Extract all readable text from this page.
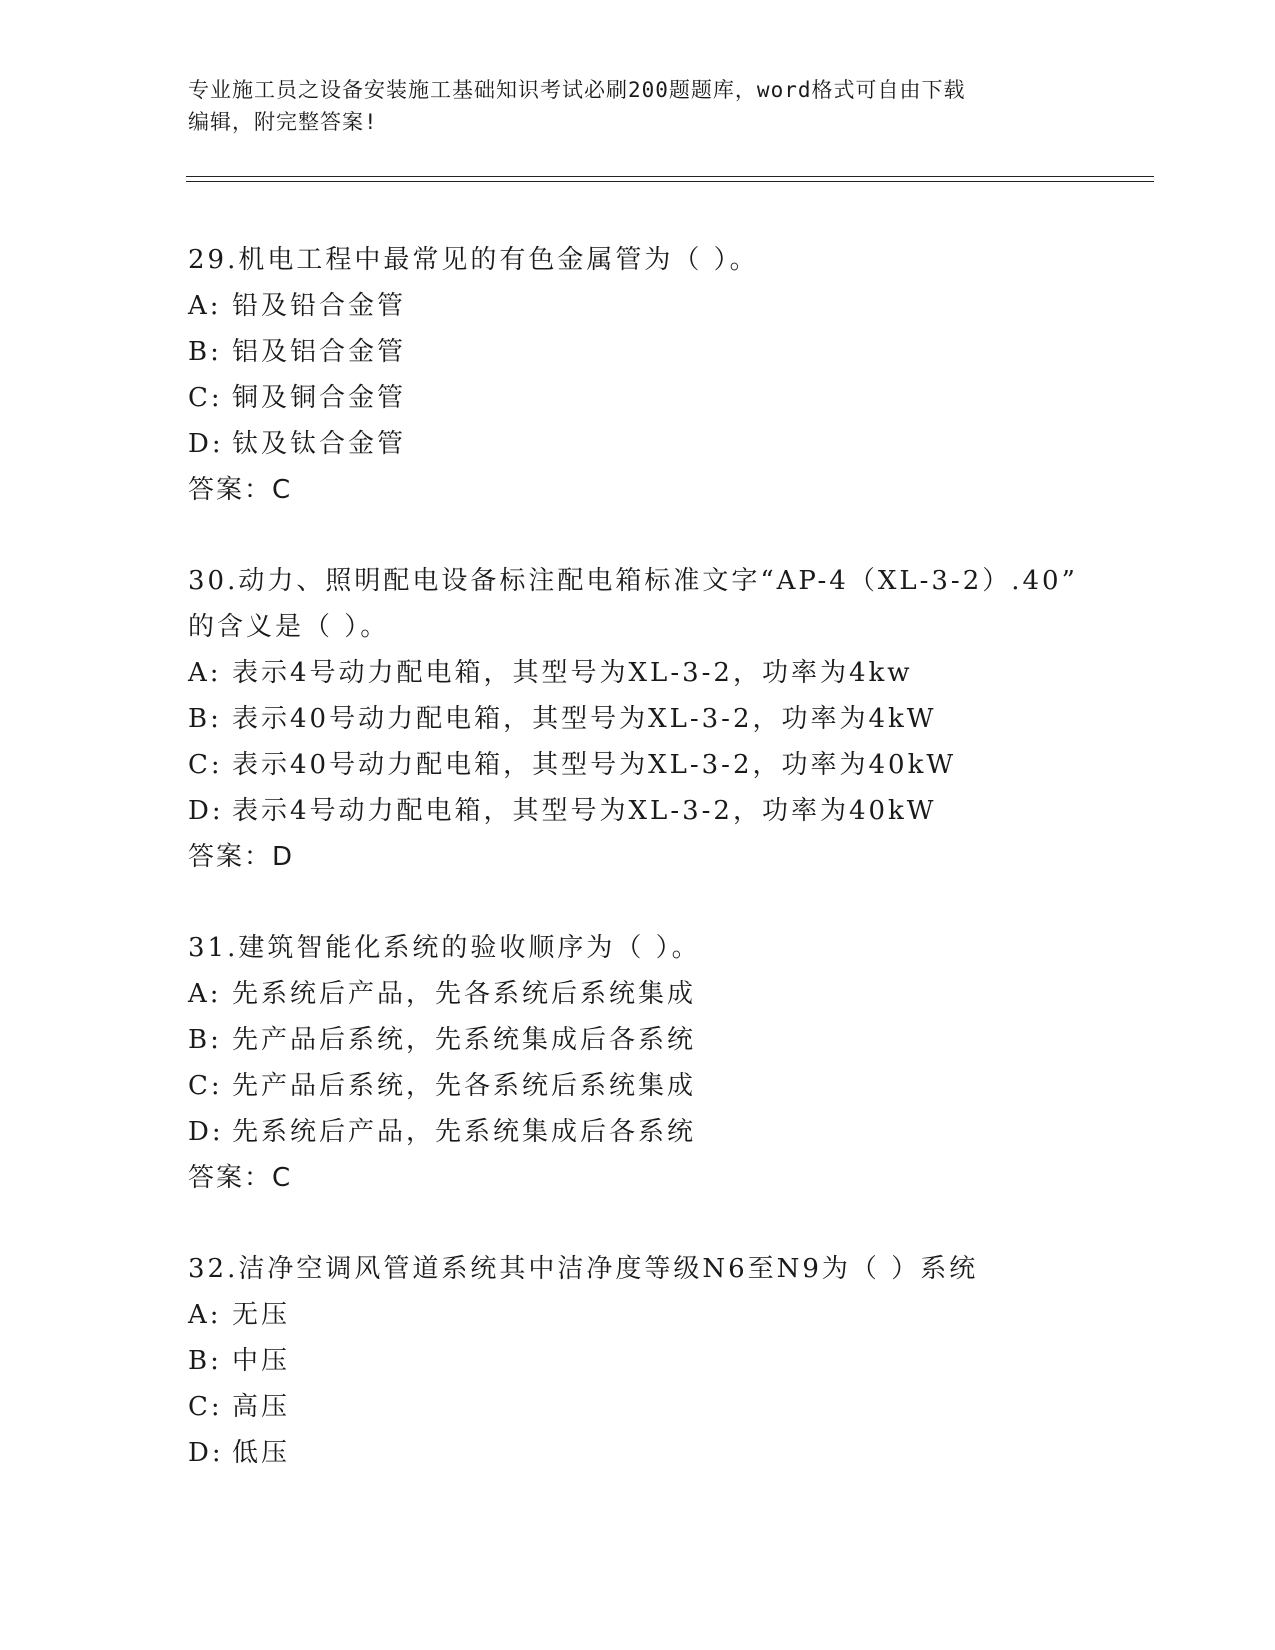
专业施工员之设备安装施工基础知识考试必刷200题题库，word格式可自由下载
编辑，附完整答案!
29.机电工程中最常见的有色金属管为（ ）。
A: 铅及铅合金管
B: 铝及铝合金管
C: 铜及铜合金管
D: 钛及钛合金管
答案：C
30.动力、照明配电设备标注配电箱标准文字“AP-4（XL-3-2）.40”
的含义是（ ）。
A: 表示4号动力配电箱，其型号为XL-3-2，功率为4kw
B: 表示40号动力配电箱，其型号为XL-3-2，功率为4kW
C: 表示40号动力配电箱，其型号为XL-3-2，功率为40kW
D: 表示4号动力配电箱，其型号为XL-3-2，功率为40kW
答案：D
31.建筑智能化系统的验收顺序为（ ）。
A: 先系统后产品，先各系统后系统集成
B: 先产品后系统，先系统集成后各系统
C: 先产品后系统，先各系统后系统集成
D: 先系统后产品，先系统集成后各系统
答案：C
32.洁净空调风管道系统其中洁净度等级N6至N9为（ ）系统
A: 无压
B: 中压
C: 高压
D: 低压
